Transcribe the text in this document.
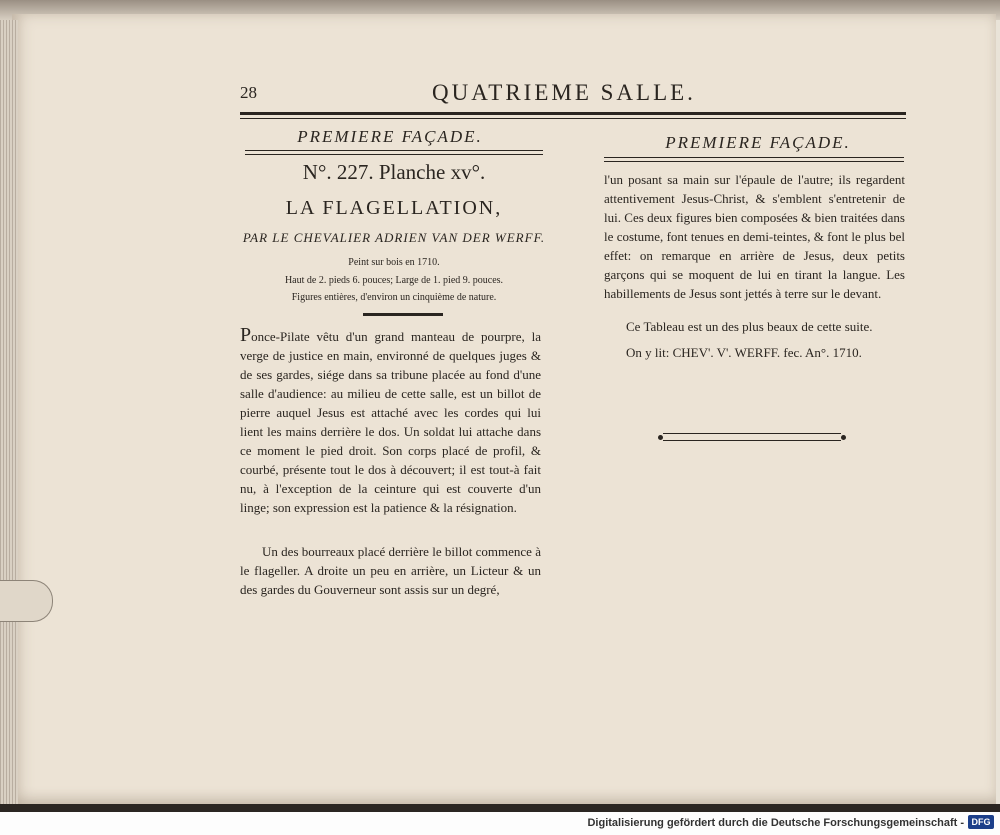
28	QUATRIEME SALLE.
PREMIERE FAÇADE.
N°. 227. Planche xv°.
LA FLAGELLATION,
PAR LE CHEVALIER ADRIEN VAN DER WERFF.
Peint sur bois en 1710.
Haut de 2. pieds 6. pouces; Large de 1. pied 9. pouces.
Figures entières, d'environ un cinquième de nature.

Ponce-Pilate vêtu d'un grand manteau de pourpre, la verge de justice en main, environné de quelques juges & de ses gardes, siége dans sa tribune placée au fond d'une salle d'audience: au milieu de cette salle, est un billot de pierre auquel Jesus est attaché avec les cordes qui lui lient les mains derrière le dos. Un soldat lui attache dans ce moment le pied droit. Son corps placé de profil, & courbé, présente tout le dos à découvert; il est tout-à fait nu, à l'exception de la ceinture qui est couverte d'un linge; son expression est la patience & la résignation.

Un des bourreaux placé derrière le billot commence à le flageller. A droite un peu en arrière, un Licteur & un des gardes du Gouverneur sont assis sur un degré,

PREMIERE FAÇADE.

l'un posant sa main sur l'épaule de l'autre; ils regardent attentivement Jesus-Christ, & s'emblent s'entretenir de lui. Ces deux figures bien composées & bien traitées dans le costume, font tenues en demi-teintes, & font le plus bel effet: on remarque en arrière de Jesus, deux petits garçons qui se moquent de lui en tirant la langue. Les habillements de Jesus sont jettés à terre sur le devant.

Ce Tableau est un des plus beaux de cette suite.

On y lit: CHEV'. V'. WERFF. fec. An°. 1710.

Digitalisierung gefördert durch die Deutsche Forschungsgemeinschaft - DFG
